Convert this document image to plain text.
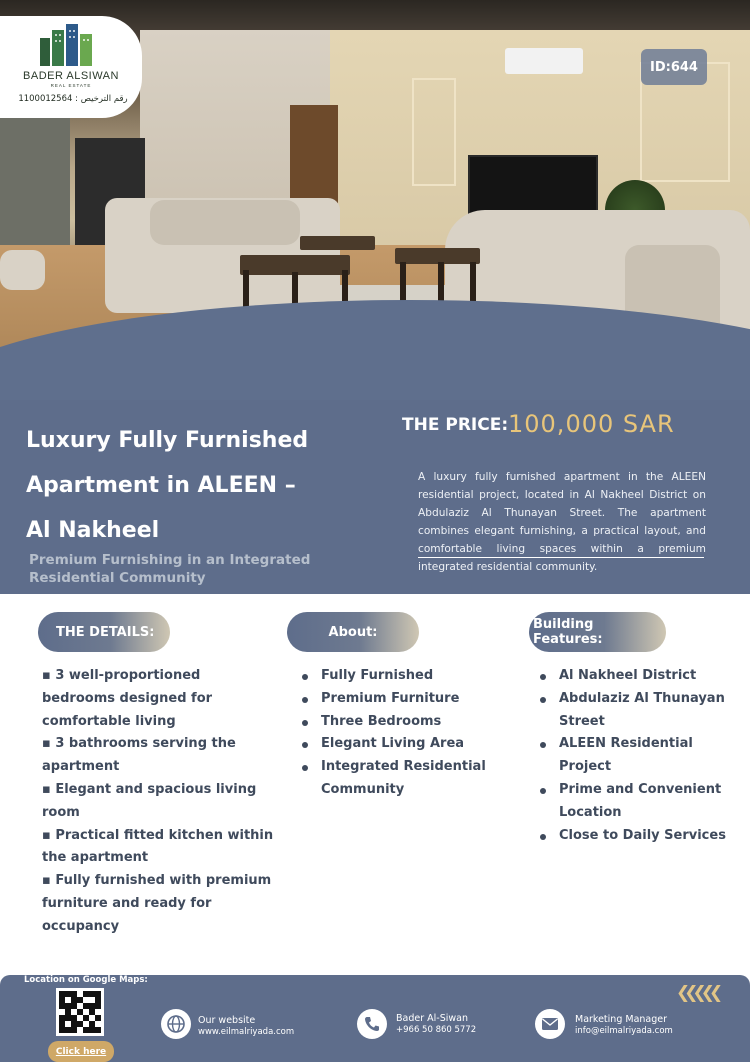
BADER ALSIWAN
REAL ESTATE
رقم الترخيص : 1100012564
ID:644
Luxury Fully Furnished
Apartment in ALEEN –
Al Nakheel
Premium Furnishing in an Integrated Residential Community
THE PRICE: 100,000 SAR
A luxury fully furnished apartment in the ALEEN residential project, located in Al Nakheel District on Abdulaziz Al Thunayan Street. The apartment combines elegant furnishing, a practical layout, and comfortable living spaces within a premium integrated residential community.
THE DETAILS:	About:	Building Features:
▪ 3 well-proportioned bedrooms designed for comfortable living
▪ 3 bathrooms serving the apartment
▪ Elegant and spacious living room
▪ Practical fitted kitchen within the apartment
▪ Fully furnished with premium furniture and ready for occupancy
Fully Furnished
Premium Furniture
Three Bedrooms
Elegant Living Area
Integrated Residential Community
Al Nakheel District
Abdulaziz Al Thunayan Street
ALEEN Residential Project
Prime and Convenient Location
Close to Daily Services
Location on Google Maps:
Click here
Our website
www.eilmalriyada.com
Bader Al-Siwan
+966 50 860 5772
Marketing Manager
info@eilmalriyada.com
❮❮❮❮❮
